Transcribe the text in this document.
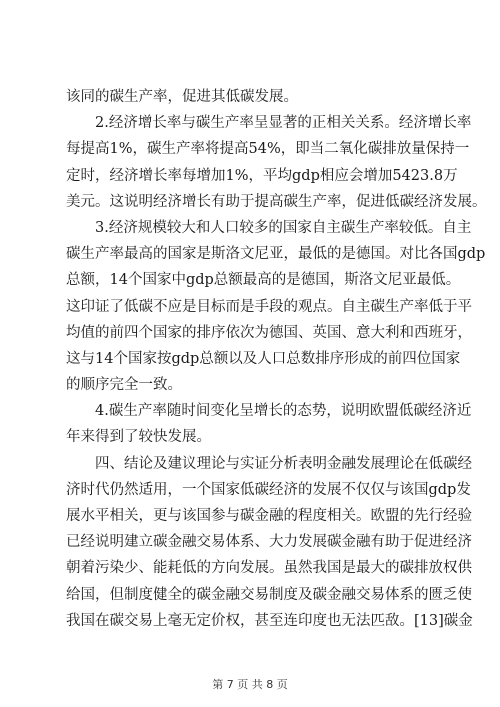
该同的碳生产率，促进其低碳发展。
2.经济增长率与碳生产率呈显著的正相关关系。经济增长率
每提高1%，碳生产率将提高54%，即当二氧化碳排放量保持一
定时，经济增长率每增加1%，平均gdp相应会增加5423.8万
美元。这说明经济增长有助于提高碳生产率，促进低碳经济发展。
3.经济规模较大和人口较多的国家自主碳生产率较低。自主
碳生产率最高的国家是斯洛文尼亚，最低的是德国。对比各国gdp
总额，14个国家中gdp总额最高的是德国，斯洛文尼亚最低。
这印证了低碳不应是目标而是手段的观点。自主碳生产率低于平
均值的前四个国家的排序依次为德国、英国、意大利和西班牙，
这与14个国家按gdp总额以及人口总数排序形成的前四位国家
的顺序完全一致。
4.碳生产率随时间变化呈增长的态势，说明欧盟低碳经济近
年来得到了较快发展。
四、结论及建议理论与实证分析表明金融发展理论在低碳经
济时代仍然适用，一个国家低碳经济的发展不仅仅与该国gdp发
展水平相关，更与该国参与碳金融的程度相关。欧盟的先行经验
已经说明建立碳金融交易体系、大力发展碳金融有助于促进经济
朝着污染少、能耗低的方向发展。虽然我国是最大的碳排放权供
给国，但制度健全的碳金融交易制度及碳金融交易体系的匮乏使
我国在碳交易上毫无定价权，甚至连印度也无法匹敌。[13]碳金
第 7 页 共 8 页
